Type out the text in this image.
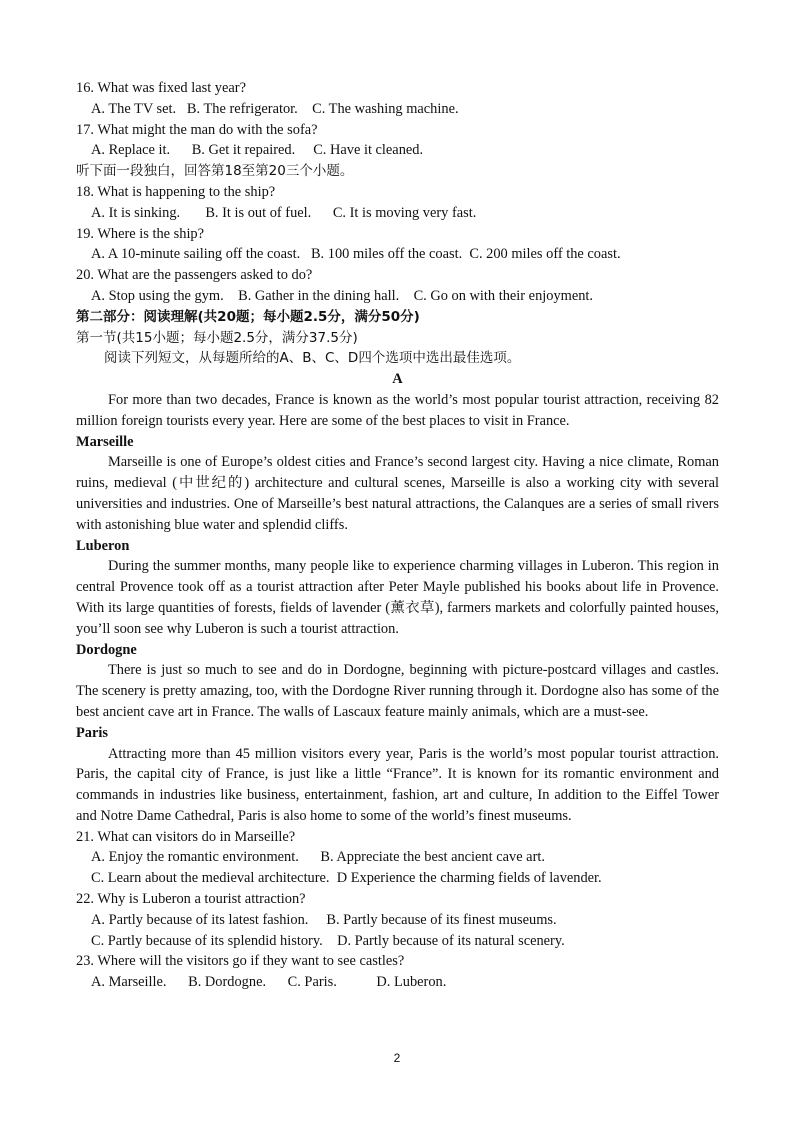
16. What was fixed last year?
A. The TV set.   B. The refrigerator.    C. The washing machine.
17. What might the man do with the sofa?
A. Replace it.      B. Get it repaired.     C. Have it cleaned.
听下面一段独白，回答第18至第20三个小题。
18. What is happening to the ship?
A. It is sinking.       B. It is out of fuel.      C. It is moving very fast.
19. Where is the ship?
A. A 10-minute sailing off the coast.   B. 100 miles off the coast.  C. 200 miles off the coast.
20. What are the passengers asked to do?
A. Stop using the gym.    B. Gather in the dining hall.    C. Go on with their enjoyment.
第二部分：阅读理解(共20题；每小题2.5分，满分50分)
第一节(共15小题；每小题2.5分，满分37.5分)
阅读下列短文，从每题所给的A、B、C、D四个选项中选出最佳选项。
A
For more than two decades, France is known as the world’s most popular tourist attraction, receiving 82 million foreign tourists every year. Here are some of the best places to visit in France.
Marseille
Marseille is one of Europe’s oldest cities and France’s second largest city. Having a nice climate, Roman ruins, medieval (中世纪的) architecture and cultural scenes, Marseille is also a working city with several universities and industries. One of Marseille’s best natural attractions, the Calanques are a series of small rivers with astonishing blue water and splendid cliffs.
Luberon
During the summer months, many people like to experience charming villages in Luberon. This region in central Provence took off as a tourist attraction after Peter Mayle published his books about life in Provence. With its large quantities of forests, fields of lavender (薰衣草), farmers markets and colorfully painted houses, you’ll soon see why Luberon is such a tourist attraction.
Dordogne
There is just so much to see and do in Dordogne, beginning with picture-postcard villages and castles. The scenery is pretty amazing, too, with the Dordogne River running through it. Dordogne also has some of the best ancient cave art in France. The walls of Lascaux feature mainly animals, which are a must-see.
Paris
Attracting more than 45 million visitors every year, Paris is the world’s most popular tourist attraction. Paris, the capital city of France, is just like a little “France”. It is known for its romantic environment and commands in industries like business, entertainment, fashion, art and culture, In addition to the Eiffel Tower and Notre Dame Cathedral, Paris is also home to some of the world’s finest museums.
21. What can visitors do in Marseille?
A. Enjoy the romantic environment.      B. Appreciate the best ancient cave art.
C. Learn about the medieval architecture.  D Experience the charming fields of lavender.
22. Why is Luberon a tourist attraction?
A. Partly because of its latest fashion.     B. Partly because of its finest museums.
C. Partly because of its splendid history.    D. Partly because of its natural scenery.
23. Where will the visitors go if they want to see castles?
A. Marseille.      B. Dordogne.      C. Paris.           D. Luberon.
2
